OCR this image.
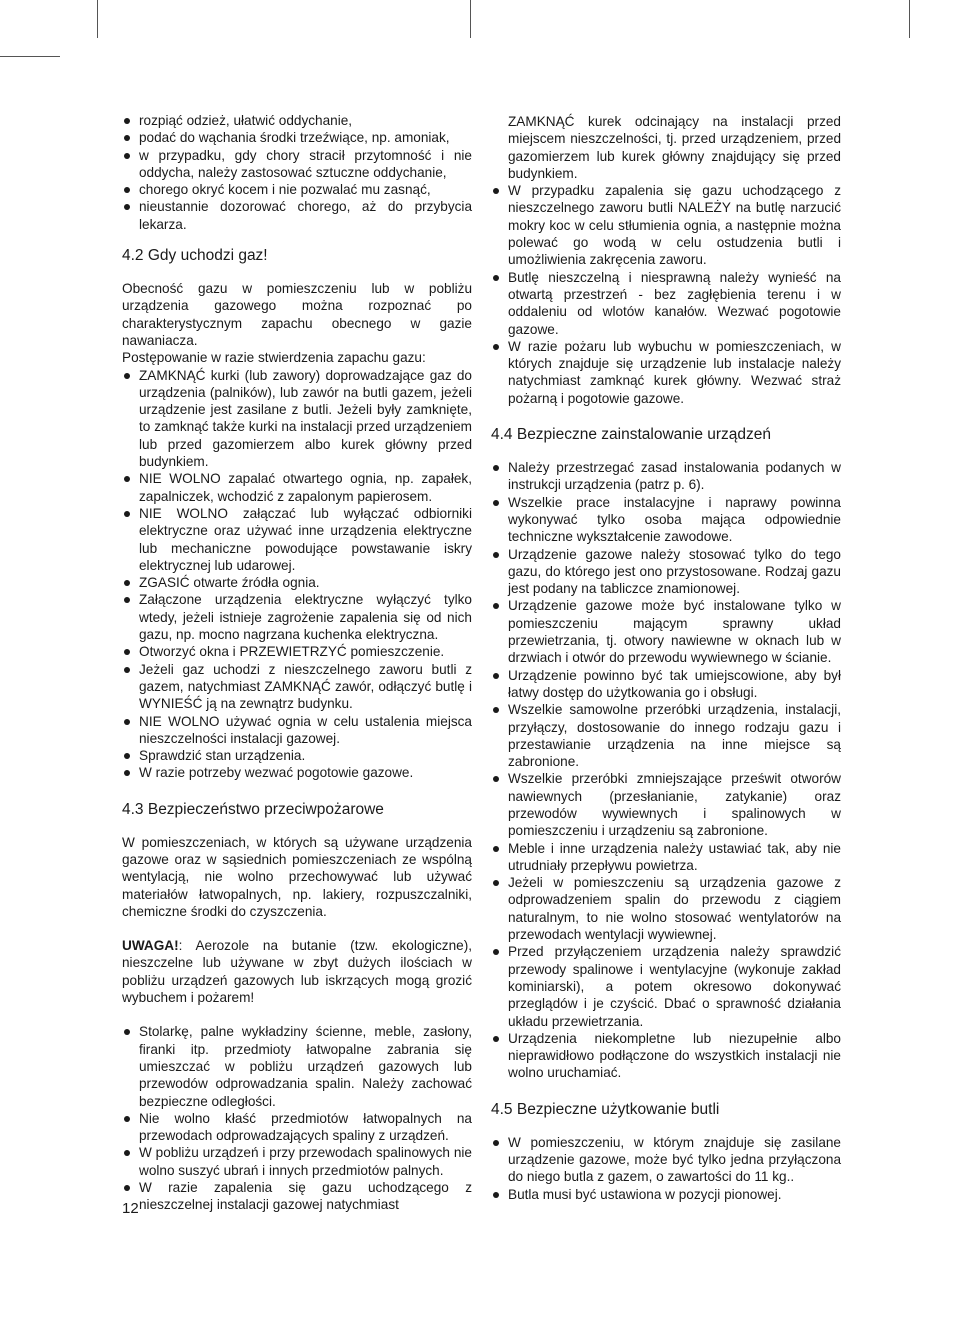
rozpiąć odzież, ułatwić oddychanie,
podać do wąchania środki trzeźwiące, np. amoniak,
w przypadku, gdy chory stracił przytomność i nie oddycha, należy zastosować sztuczne oddychanie,
chorego okryć kocem i nie pozwalać mu zasnąć,
nieustannie dozorować chorego, aż do przybycia lekarza.
4.2 Gdy uchodzi gaz!

Obecność gazu w pomieszczeniu lub w pobliżu urządzenia gazowego można rozpoznać po charakterystycznym zapachu obecnego w gazie nawaniacza.

Postępowanie w razie stwierdzenia zapachu gazu:

ZAMKNĄĆ kurki (lub zawory) doprowadzające gaz do urządzenia (palników), lub zawór na butli gazem, jeżeli urządzenie jest zasilane z butli. Jeżeli były zamknięte, to zamknąć także kurki na instalacji przed urządzeniem lub przed gazomierzem albo kurek główny przed budynkiem.
NIE WOLNO zapalać otwartego ognia, np. zapałek, zapalniczek, wchodzić z zapalonym papierosem.
NIE WOLNO załączać lub wyłączać odbiorniki elektryczne oraz używać inne urządzenia elektryczne lub mechaniczne powodujące powstawanie iskry elektrycznej lub udarowej.
ZGASIĆ otwarte źródła ognia.
Załączone urządzenia elektryczne wyłączyć tylko wtedy, jeżeli istnieje zagrożenie zapalenia się od nich gazu, np. mocno nagrzana kuchenka elektryczna.
Otworzyć okna i PRZEWIETRZYĆ pomieszczenie.
Jeżeli gaz uchodzi z nieszczelnego zaworu butli z gazem, natychmiast ZAMKNĄĆ zawór, odłączyć butlę i WYNIEŚĆ ją na zewnątrz budynku.
NIE WOLNO używać ognia w celu ustalenia miejsca nieszczelności instalacji gazowej.
Sprawdzić stan urządzenia.
W razie potrzeby wezwać pogotowie gazowe.
4.3 Bezpieczeństwo przeciwpożarowe

W pomieszczeniach, w których są używane urządzenia gazowe oraz w sąsiednich pomieszczeniach ze wspólną wentylacją, nie wolno przechowywać lub używać materiałów łatwopalnych, np. lakiery, rozpuszczalniki, chemiczne środki do czyszczenia.

UWAGA!: Aerozole na butanie (tzw. ekologiczne), nieszczelne lub używane w zbyt dużych ilościach w pobliżu urządzeń gazowych lub iskrzących mogą grozić wybuchem i pożarem!

Stolarkę, palne wykładziny ścienne, meble, zasłony, firanki itp. przedmioty łatwopalne zabrania się umieszczać w pobliżu urządzeń gazowych lub przewodów odprowadzania spalin. Należy zachować bezpieczne odległości.
Nie wolno kłaść przedmiotów łatwopalnych na przewodach odprowadzających spaliny z urządzeń.
W pobliżu urządzeń i przy przewodach spalinowych nie wolno suszyć ubrań i innych przedmiotów palnych.
W razie zapalenia się gazu uchodzącego z nieszczelnej instalacji gazowej natychmiast
ZAMKNĄĆ kurek odcinający na instalacji przed miejscem nieszczelności, tj. przed urządzeniem, przed gazomierzem lub kurek główny znajdujący się przed budynkiem.
W przypadku zapalenia się gazu uchodzącego z nieszczelnego zaworu butli NALEŻY na butlę narzucić mokry koc w celu stłumienia ognia, a następnie można polewać go wodą w celu ostudzenia butli i umożliwienia zakręcenia zaworu.
Butlę nieszczelną i niesprawną należy wynieść na otwartą przestrzeń - bez zagłębienia terenu i w oddaleniu od wlotów kanałów. Wezwać pogotowie gazowe.
W razie pożaru lub wybuchu w pomieszczeniach, w których znajduje się urządzenie lub instalacje należy natychmiast zamknąć kurek główny. Wezwać straż pożarną i pogotowie gazowe.
4.4 Bezpieczne zainstalowanie urządzeń
Należy przestrzegać zasad instalowania podanych w instrukcji urządzenia (patrz p. 6).
Wszelkie prace instalacyjne i naprawy powinna wykonywać tylko osoba mająca odpowiednie techniczne wykształcenie zawodowe.
Urządzenie gazowe należy stosować tylko do tego gazu, do którego jest ono przystosowane. Rodzaj gazu jest podany na tabliczce znamionowej.
Urządzenie gazowe może być instalowane tylko w pomieszczeniu mającym sprawny układ przewietrzania, tj. otwory nawiewne w oknach lub w drzwiach i otwór do przewodu wywiewnego w ścianie.
Urządzenie powinno być tak umiejscowione, aby był łatwy dostęp do użytkowania go i obsługi.
Wszelkie samowolne przeróbki urządzenia, instalacji, przyłączy, dostosowanie do innego rodzaju gazu i przestawianie urządzenia na inne miejsce są zabronione.
Wszelkie przeróbki zmniejszające prześwit otworów nawiewnych (przesłanianie, zatykanie) oraz przewodów wywiewnych i spalinowych w pomieszczeniu i urządzeniu są zabronione.
Meble i inne urządzenia należy ustawiać tak, aby nie utrudniały przepływu powietrza.
Jeżeli w pomieszczeniu są urządzenia gazowe z odprowadzeniem spalin do przewodu z ciągiem naturalnym, to nie wolno stosować wentylatorów na przewodach wentylacji wywiewnej.
Przed przyłączeniem urządzenia należy sprawdzić przewody spalinowe i wentylacyjne (wykonuje zakład kominiarski), a potem okresowo dokonywać przeglądów i je czyścić. Dbać o sprawność działania układu przewietrzania.
Urządzenia niekompletne lub niezupełnie albo nieprawidłowo podłączone do wszystkich instalacji nie wolno uruchamiać.
4.5 Bezpieczne użytkowanie butli
W pomieszczeniu, w którym znajduje się zasilane urządzenie gazowe, może być tylko jedna przyłączona do niego butla z gazem, o zawartości do 11 kg..
Butla musi być ustawiona w pozycji pionowej.
12
